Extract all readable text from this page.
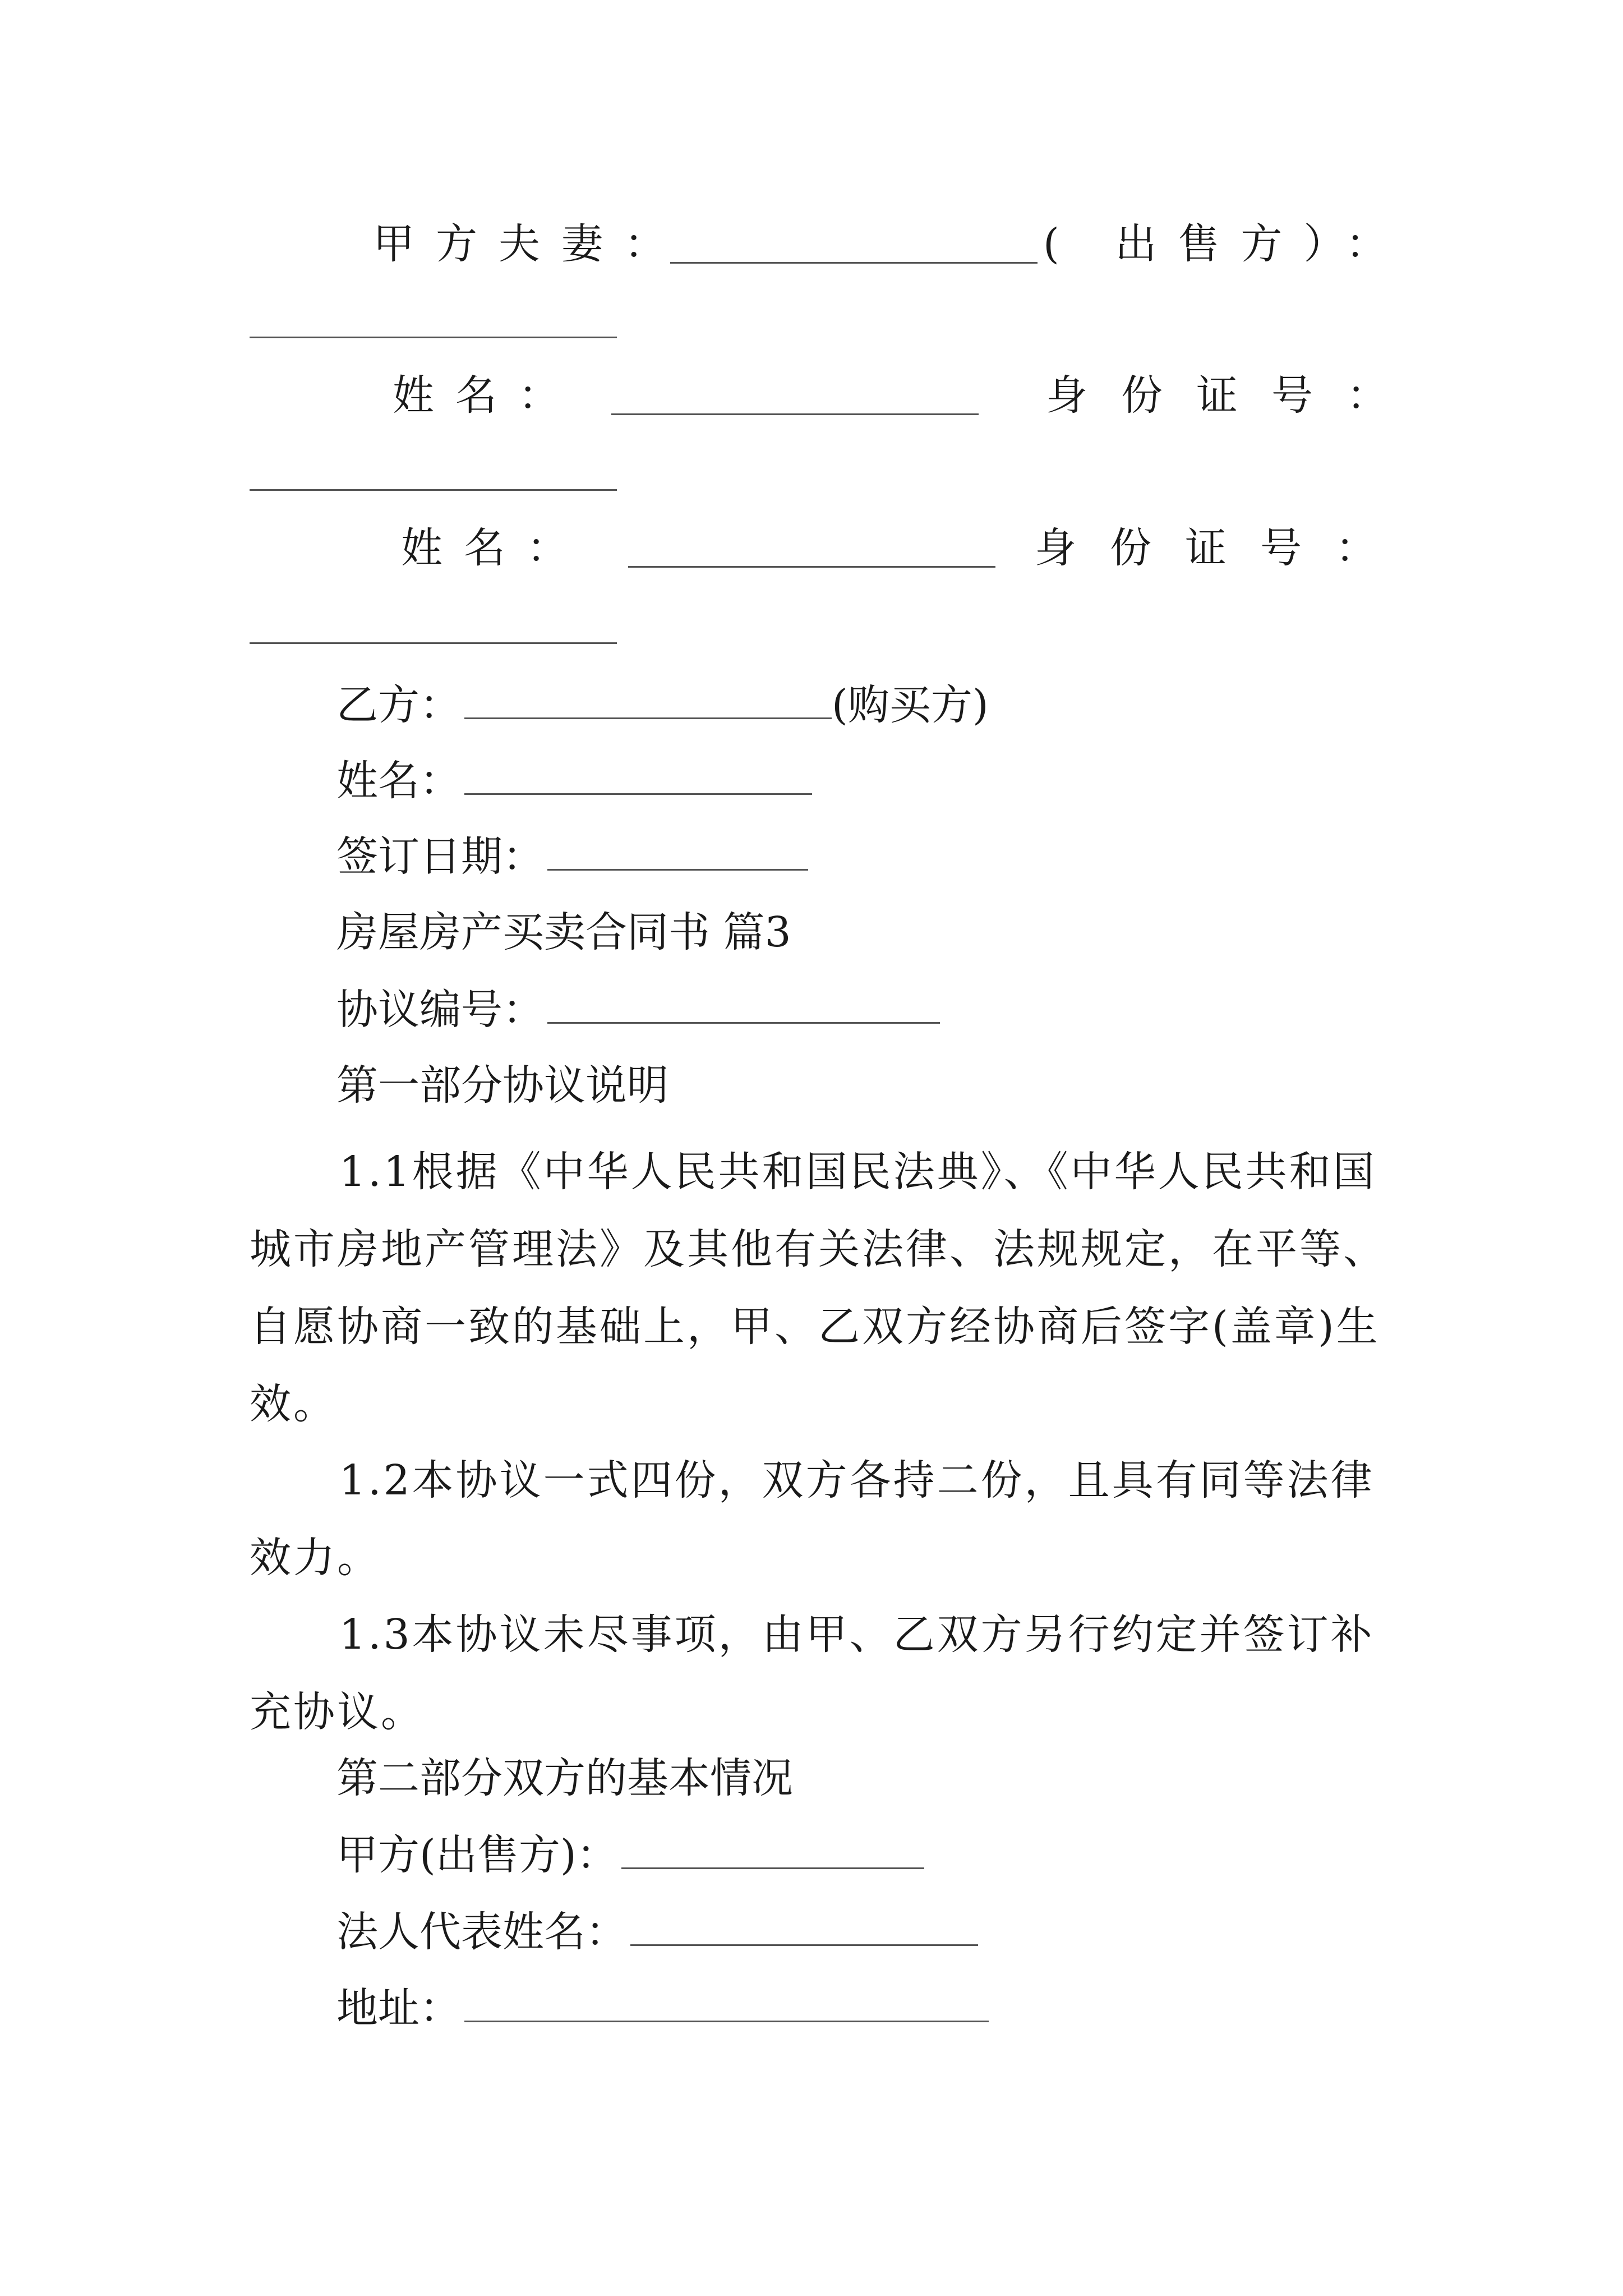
甲方夫妻：	( 出售方）：
姓名：	身份证号：
姓名：	身份证号：
乙方：	(购买方)
姓名：
签订日期：
房屋房产买卖合同书 篇3
协议编号：
第一部分协议说明
1.1根据《中华人民共和国民法典》、《中华人民共和国城市房地产管理法》及其他有关法律、法规规定，在平等、自愿协商一致的基础上，甲、乙双方经协商后签字(盖章)生效。
1.2本协议一式四份，双方各持二份，且具有同等法律效力。
1.3本协议未尽事项，由甲、乙双方另行约定并签订补充协议。
第二部分双方的基本情况
甲方(出售方)：
法人代表姓名：
地址：
